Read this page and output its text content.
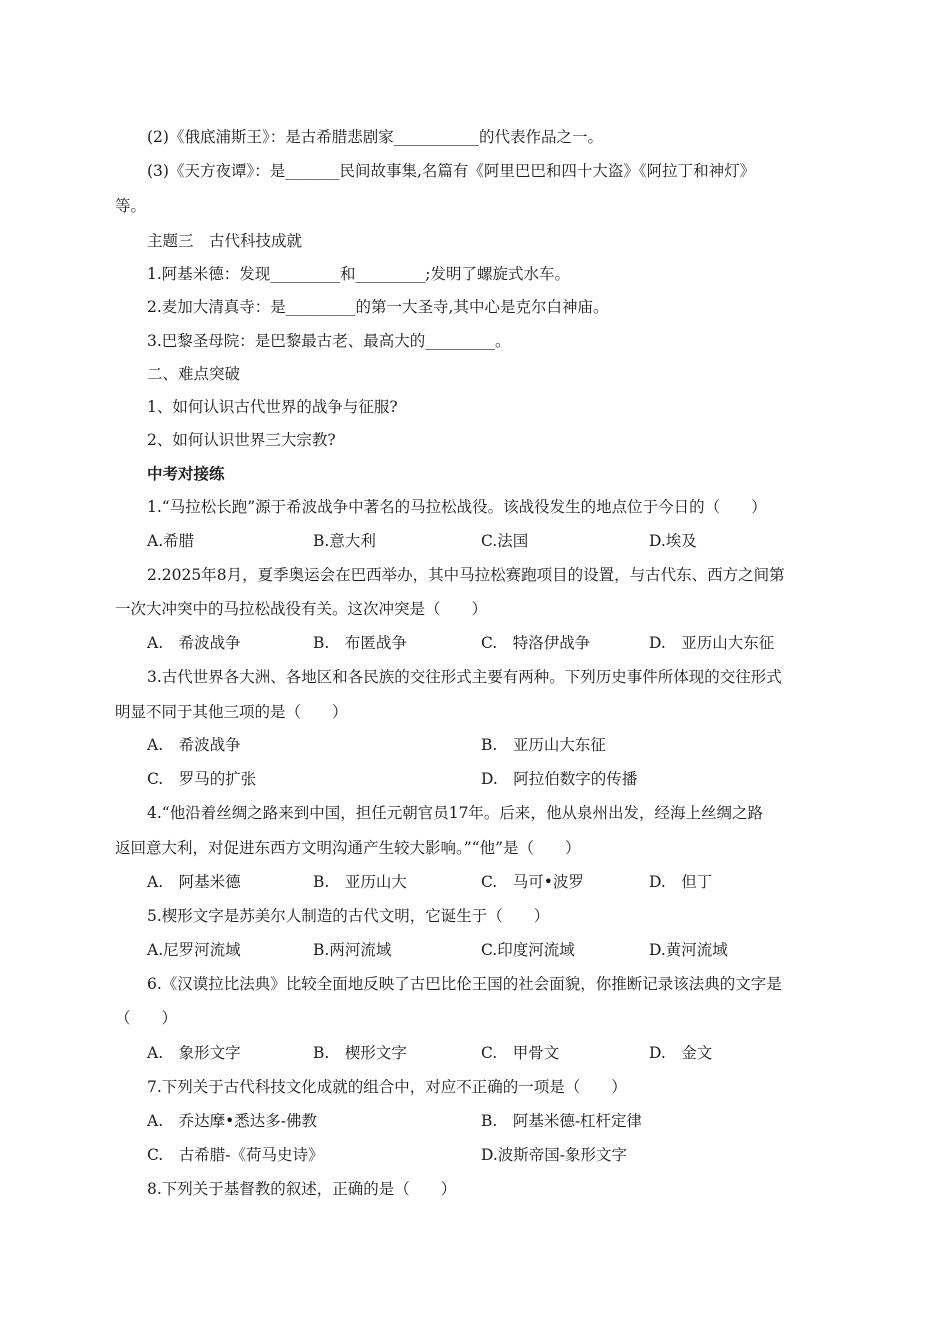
(2)《俄底浦斯王》：是古希腊悲剧家___________的代表作品之一。
(3)《天方夜谭》：是_______民间故事集,名篇有《阿里巴巴和四十大盗》《阿拉丁和神灯》
等。
主题三　古代科技成就
1.阿基米德：发现_________和_________;发明了螺旋式水车。
2.麦加大清真寺：是_________的第一大圣寺,其中心是克尔白神庙。
3.巴黎圣母院：是巴黎最古老、最高大的_________。
二、难点突破
1、如何认识古代世界的战争与征服?
2、如何认识世界三大宗教?
中考对接练
1.“马拉松长跑”源于希波战争中著名的马拉松战役。该战役发生的地点位于今日的（　　）
A.希腊	B.意大利	C.法国	D.埃及
2.2025年8月，夏季奥运会在巴西举办，其中马拉松赛跑项目的设置，与古代东、西方之间第
一次大冲突中的马拉松战役有关。这次冲突是（　　）
A.　希波战争	B.　布匿战争	C.　特洛伊战争	D.　亚历山大东征
3.古代世界各大洲、各地区和各民族的交往形式主要有两种。下列历史事件所体现的交往形式
明显不同于其他三项的是（　　）
A.　希波战争	B.　亚历山大东征
C.　罗马的扩张	D.　阿拉伯数字的传播
4.“他沿着丝绸之路来到中国，担任元朝官员17年。后来，他从泉州出发，经海上丝绸之路
返回意大利，对促进东西方文明沟通产生较大影响。”“他”是（　　）
A.　阿基米德	B.　亚历山大	C.　马可•波罗	D.　但丁
5.楔形文字是苏美尔人制造的古代文明，它诞生于（　　）
A.尼罗河流域	B.两河流域	C.印度河流域	D.黄河流域
6.《汉谟拉比法典》比较全面地反映了古巴比伦王国的社会面貌，你推断记录该法典的文字是
（　　）
A.　象形文字	B.　楔形文字	C.　甲骨文	D.　金文
7.下列关于古代科技文化成就的组合中，对应不正确的一项是（　　）
A.　乔达摩•悉达多-佛教	B.　阿基米德-杠杆定律
C.　古希腊-《荷马史诗》	D.波斯帝国-象形文字
8.下列关于基督教的叙述，正确的是（　　）
